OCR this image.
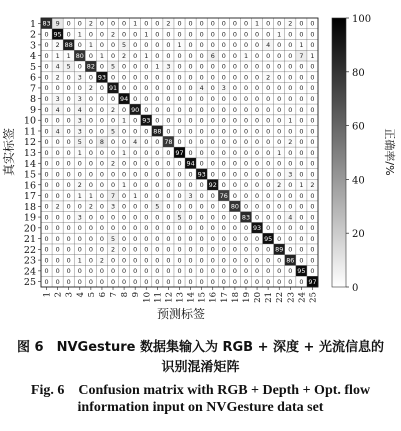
83 9 0 0 2 0 0 0 1 0 0 2 0 0 0 0 0 0 0 1 0 0 2 0 0
0 95 0 1 0 0 2 0 0 1 0 0 0 0 0 0 0 0 0 0 0 1 0 0 0
0 2 88 0 1 0 0 5 0 0 0 0 1 0 0 0 0 0 0 0 4 0 0 1 0
0 1 1 80 0 1 0 2 0 1 0 0 0 0 0 6 0 0 1 0 0 0 0 7 1
0 4 5 0 82 0 5 0 0 0 1 3 0 0 0 0 0 0 0 0 0 0 0 0 0
0 2 0 3 0 93 0 0 0 0 0 0 0 0 0 0 0 0 0 0 2 0 0 0 0
0 0 0 0 2 0 91 0 0 0 0 0 0 0 4 0 3 0 0 0 0 0 0 0 0
0 3 0 3 0 0 0 94 0 0 0 0 0 0 0 0 0 0 0 0 0 0 0 0 0
0 4 0 4 0 0 2 0 90 0 0 0 0 0 0 0 0 0 0 0 0 0 0 0 0
0 0 0 3 0 0 0 1 0 93 0 0 0 0 0 0 0 0 0 0 0 0 1 0 0
0 4 0 3 0 0 5 0 0 0 88 0 0 0 0 0 0 0 0 0 0 0 0 0 0
0 0 0 5 0 8 0 0 4 0 0 78 0 0 0 0 0 0 0 0 0 0 2 0 0
0 0 0 1 0 0 0 1 0 0 0 0 97 0 0 0 0 0 0 0 0 1 0 0 0
0 0 0 0 0 0 2 0 0 0 0 0 0 94 0 0 0 0 0 0 0 0 0 0 0
0 0 0 0 0 0 0 0 0 0 0 0 0 0 93 0 0 0 0 0 0 0 3 0 0
0 0 0 2 0 0 0 1 0 0 0 0 0 0 0 92 0 0 0 0 0 2 0 1 2
0 0 0 1 1 0 7 0 1 0 0 0 0 3 0 0 76 0 0 0 0 0 0 0 0
0 2 0 0 2 0 3 0 0 0 5 0 0 0 0 0 0 80 0 0 0 0 0 0 0
0 0 0 3 0 0 0 0 0 0 0 0 5 0 0 0 0 0 83 0 0 0 4 0 0
0 0 0 0 0 0 0 0 0 0 0 0 0 0 0 0 0 0 0 93 0 0 0 0 0
0 0 0 0 0 0 5 0 0 0 0 0 0 0 0 0 0 0 0 0 95 0 0 0 0
0 0 0 0 0 0 2 0 0 0 0 0 0 0 0 0 0 0 0 0 0 89 0 0 0
0 0 0 1 0 2 0 0 0 0 0 0 0 0 0 0 0 0 0 0 0 0 86 0 0
0 0 0 0 0 0 0 0 0 0 0 0 0 0 0 0 0 0 0 0 0 0 0 95 0
0 0 0 0 0 0 0 0 0 0 0 0 0 0 0 0 0 0 0 0 0 0 0 0 97
1
2
3
4
5
6
7
8
9
10
11
12
13
14
15
16
17
18
19
20
21
22
23
24
25
1 2 3 4 5 6 7 8 9 10 11 12 13 14 15 16 17 18 19 20 21 22 23 24 25
预测标签
真实标签
0
20
40
60
80
100
正确率/%
图 6　NVGesture 数据集输入为 RGB + 深度 + 光流信息的
识别混淆矩阵
Fig. 6　Confusion matrix with RGB + Depth + Opt. flow
information input on NVGesture data set
